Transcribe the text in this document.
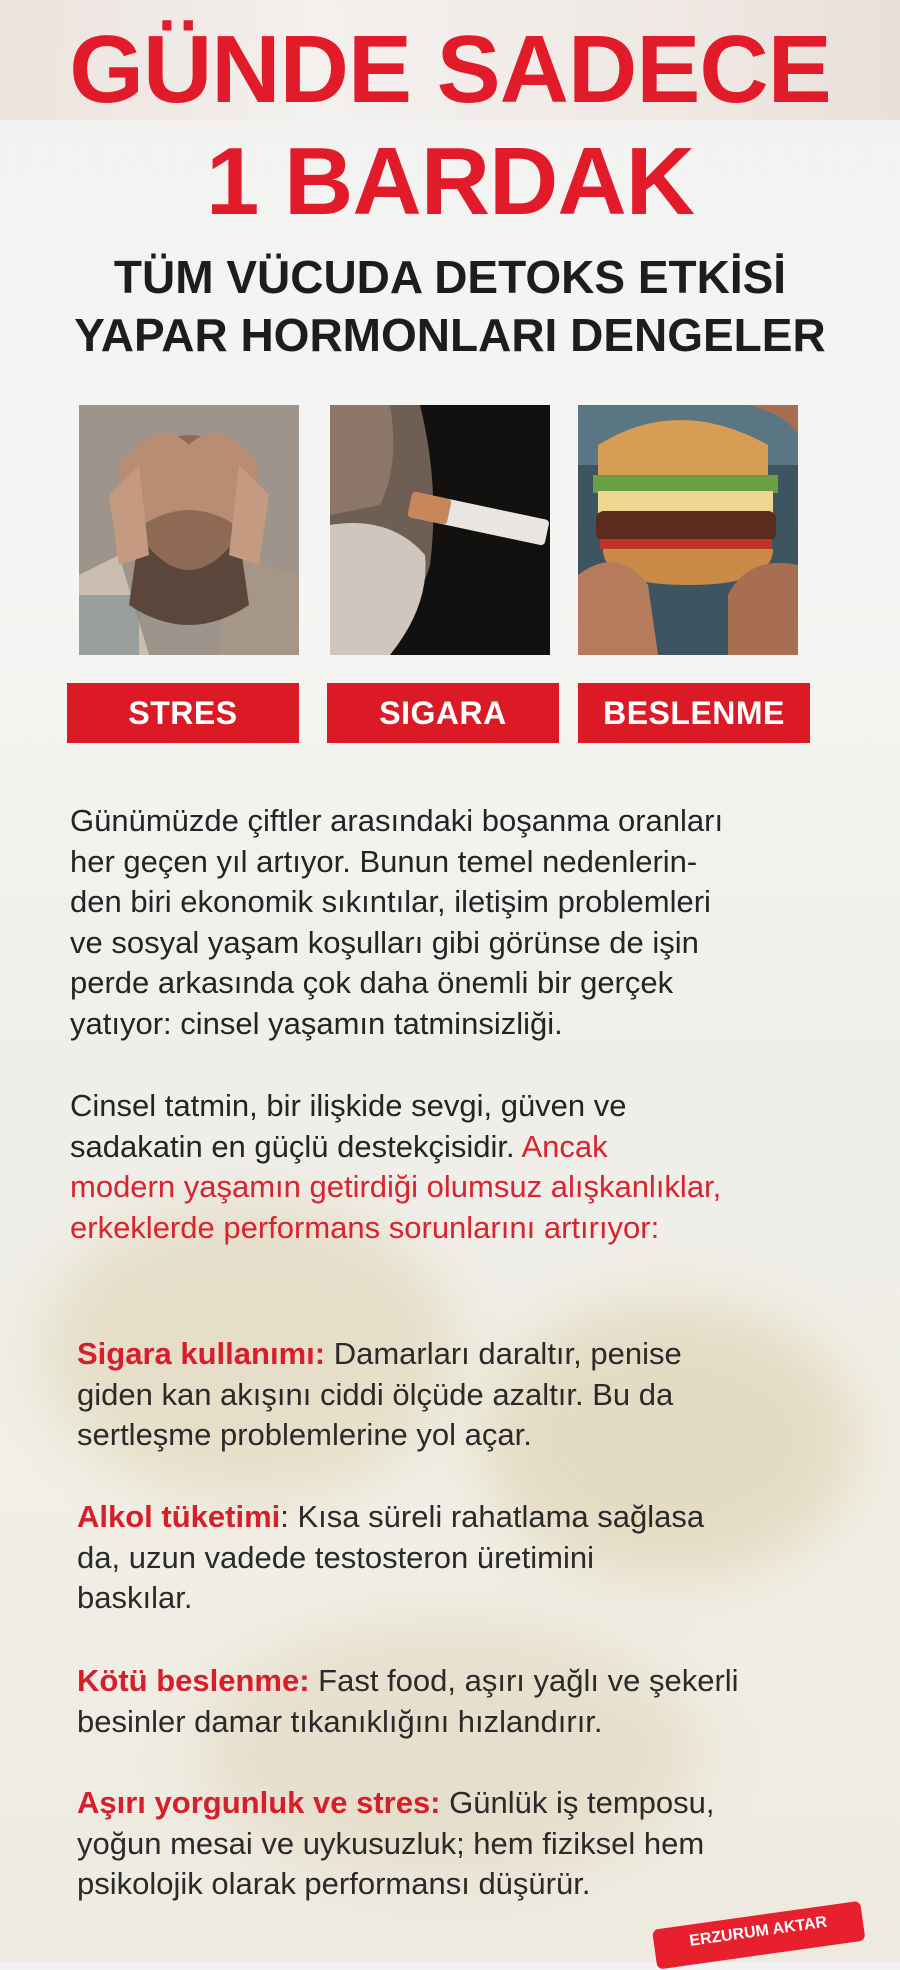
GÜNDE SADECE
1 BARDAK
TÜM VÜCUDA DETOKS ETKİSİ
YAPAR HORMONLARI DENGELER
STRES	SIGARA	BESLENME
Günümüzde çiftler arasındaki boşanma oranları
her geçen yıl artıyor. Bunun temel nedenlerin-
den biri ekonomik sıkıntılar, iletişim problemleri
ve sosyal yaşam koşulları gibi görünse de işin
perde arkasında çok daha önemli bir gerçek
yatıyor: cinsel yaşamın tatminsizliği.
Cinsel tatmin, bir ilişkide sevgi, güven ve
sadakatin en güçlü destekçisidir. Ancak
modern yaşamın getirdiği olumsuz alışkanlıklar,
erkeklerde performans sorunlarını artırıyor:
Sigara kullanımı: Damarları daraltır, penise
giden kan akışını ciddi ölçüde azaltır. Bu da
sertleşme problemlerine yol açar.
Alkol tüketimi: Kısa süreli rahatlama sağlasa
da, uzun vadede testosteron üretimini
baskılar.
Kötü beslenme: Fast food, aşırı yağlı ve şekerli
besinler damar tıkanıklığını hızlandırır.
Aşırı yorgunluk ve stres: Günlük iş temposu,
yoğun mesai ve uykusuzluk; hem fiziksel hem
psikolojik olarak performansı düşürür.
ERZURUM AKTAR
